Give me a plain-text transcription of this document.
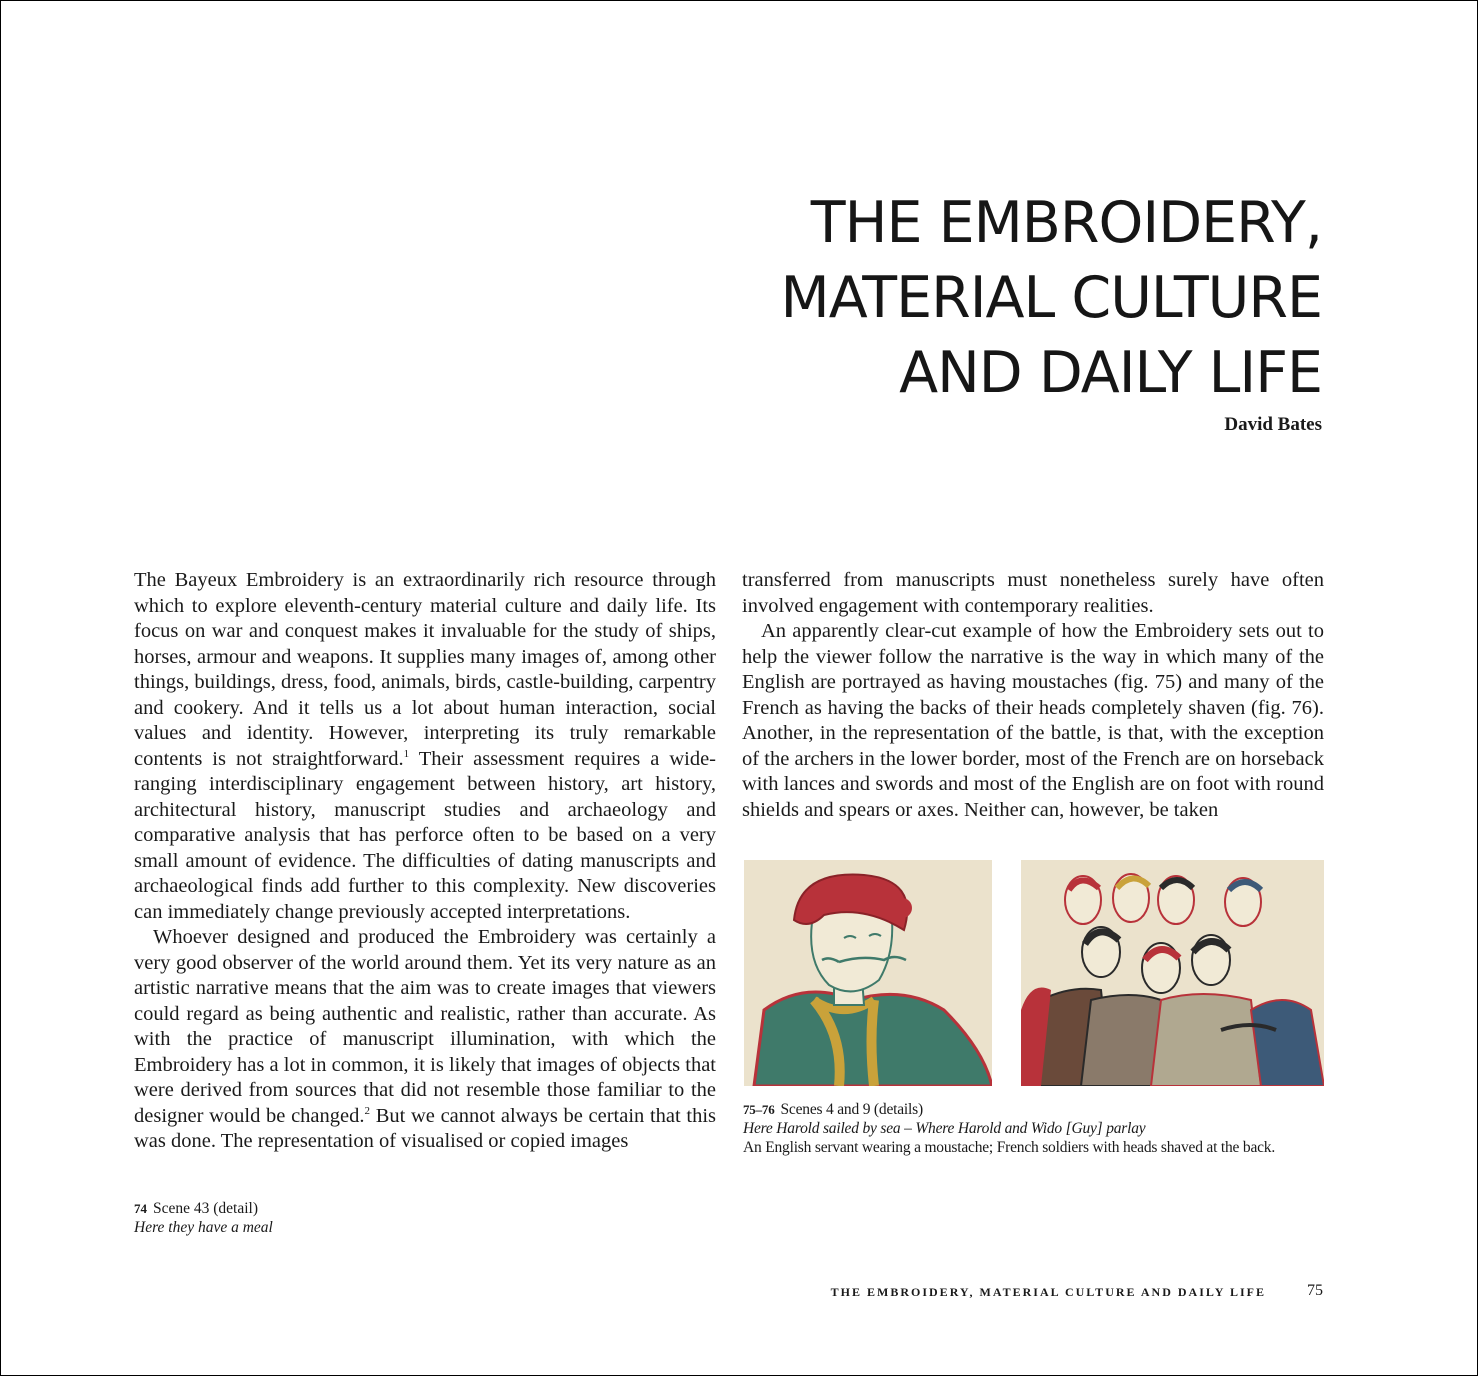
THE EMBROIDERY,
MATERIAL CULTURE
AND DAILY LIFE
David Bates

The Bayeux Embroidery is an extraordinarily rich resource through which to explore eleventh-century material culture and daily life. Its focus on war and conquest makes it invaluable for the study of ships, horses, armour and weapons. It supplies many images of, among other things, buildings, dress, food, animals, birds, castle-building, carpentry and cookery. And it tells us a lot about human interaction, social values and identity. However, interpreting its truly remarkable contents is not straightforward.$^1$ Their assessment requires a wide-ranging interdisciplinary engagement between history, art history, architectural history, manuscript studies and archaeology and comparative analysis that has perforce often to be based on a very small amount of evidence. The difficulties of dating manuscripts and archaeological finds add further to this complexity. New discoveries can immediately change previously accepted interpretations.

Whoever designed and produced the Embroidery was certainly a very good observer of the world around them. Yet its very nature as an artistic narrative means that the aim was to create images that viewers could regard as being authentic and realistic, rather than accurate. As with the practice of manuscript illumination, with which the Embroidery has a lot in common, it is likely that images of objects that were derived from sources that did not resemble those familiar to the designer would be changed.$^2$ But we cannot always be certain that this was done. The representation of visualised or copied images

transferred from manuscripts must nonetheless surely have often involved engagement with contemporary realities.

An apparently clear-cut example of how the Embroidery sets out to help the viewer follow the narrative is the way in which many of the English are portrayed as having moustaches (fig. 75) and many of the French as having the backs of their heads completely shaven (fig. 76). Another, in the representation of the battle, is that, with the exception of the archers in the lower border, most of the French are on horseback with lances and swords and most of the English are on foot with round shields and spears or axes. Neither can, however, be taken

75–76 Scenes 4 and 9 (details)
Here Harold sailed by sea – Where Harold and Wido [Guy] parlay
An English servant wearing a moustache; French soldiers with heads shaved at the back.
74 Scene 43 (detail)
Here they have a meal
THE EMBROIDERY, MATERIAL CULTURE AND DAILY LIFE	75
